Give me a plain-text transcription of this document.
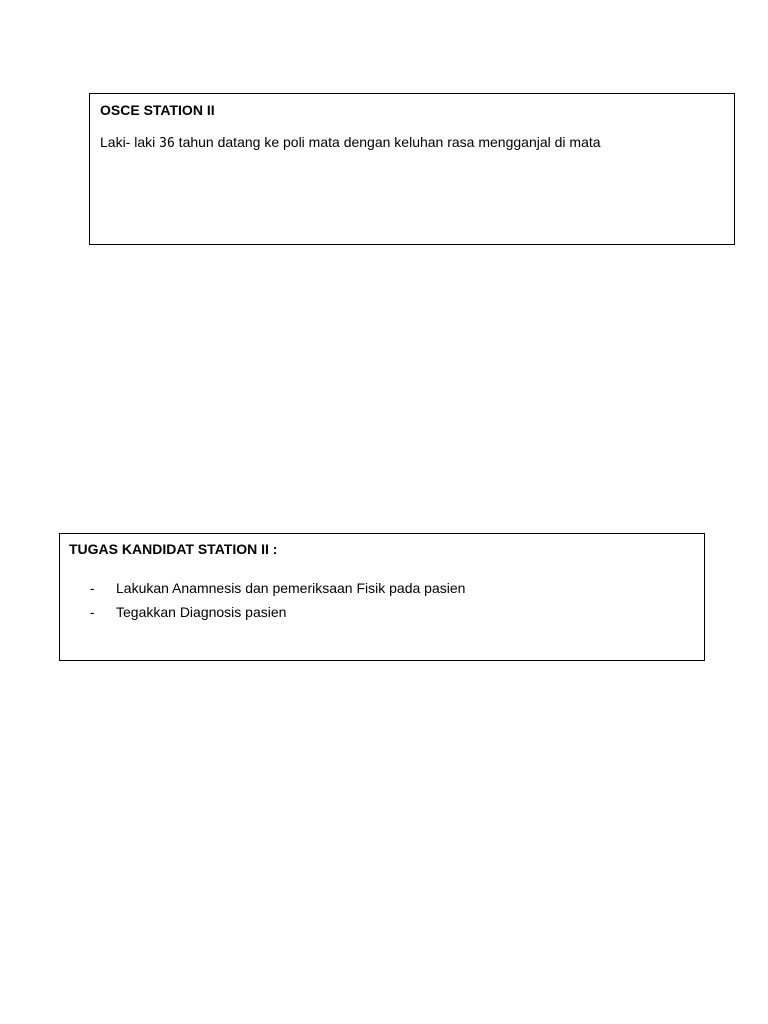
OSCE STATION II
Laki- laki 36 tahun datang ke poli mata dengan keluhan rasa mengganjal di mata
TUGAS KANDIDAT STATION II :
-	Lakukan Anamnesis dan pemeriksaan Fisik pada pasien
-	Tegakkan Diagnosis pasien
